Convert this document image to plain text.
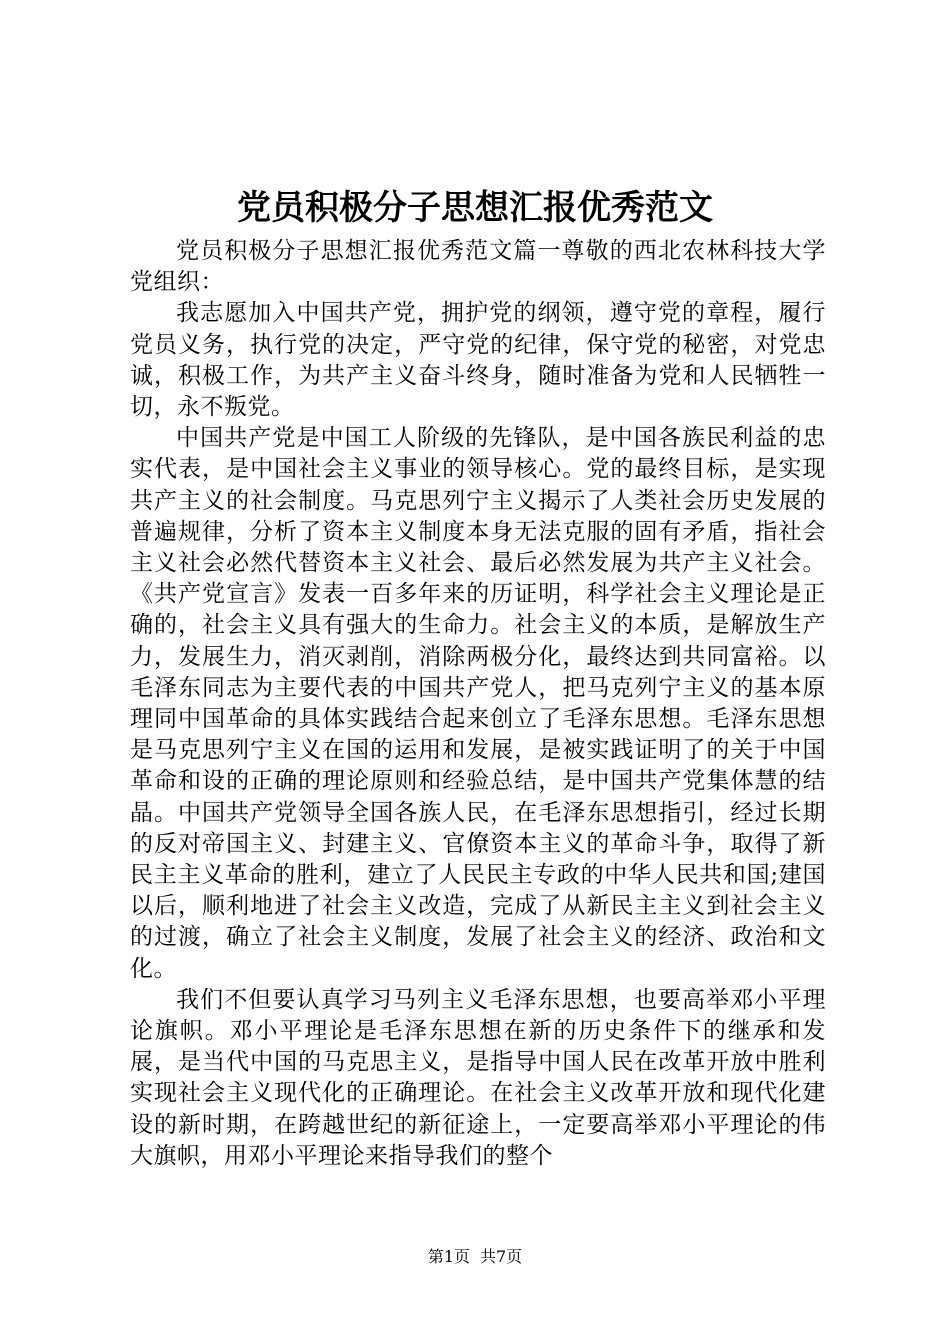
党员积极分子思想汇报优秀范文

党员积极分子思想汇报优秀范文篇一尊敬的西北农林科技大学党组织：

我志愿加入中国共产党，拥护党的纲领，遵守党的章程，履行党员义务，执行党的决定，严守党的纪律，保守党的秘密，对党忠诚，积极工作，为共产主义奋斗终身，随时准备为党和人民牺牲一切，永不叛党。

中国共产党是中国工人阶级的先锋队，是中国各族民利益的忠实代表，是中国社会主义事业的领导核心。党的最终目标，是实现共产主义的社会制度。马克思列宁主义揭示了人类社会历史发展的普遍规律，分析了资本主义制度本身无法克服的固有矛盾，指社会主义社会必然代替资本主义社会、最后必然发展为共产主义社会。《共产党宣言》发表一百多年来的历证明，科学社会主义理论是正确的，社会主义具有强大的生命力。社会主义的本质，是解放生产力，发展生力，消灭剥削，消除两极分化，最终达到共同富裕。以毛泽东同志为主要代表的中国共产党人，把马克列宁主义的基本原理同中国革命的具体实践结合起来创立了毛泽东思想。毛泽东思想是马克思列宁主义在国的运用和发展，是被实践证明了的关于中国革命和设的正确的理论原则和经验总结，是中国共产党集体慧的结晶。中国共产党领导全国各族人民，在毛泽东思想指引，经过长期的反对帝国主义、封建主义、官僚资本主义的革命斗争，取得了新民主主义革命的胜利，建立了人民民主专政的中华人民共和国;建国以后，顺利地进了社会主义改造，完成了从新民主主义到社会主义的过渡，确立了社会主义制度，发展了社会主义的经济、政治和文化。

我们不但要认真学习马列主义毛泽东思想，也要高举邓小平理论旗帜。邓小平理论是毛泽东思想在新的历史条件下的继承和发展，是当代中国的马克思主义，是指导中国人民在改革开放中胜利实现社会主义现代化的正确理论。在社会主义改革开放和现代化建设的新时期，在跨越世纪的新征途上，一定要高举邓小平理论的伟大旗帜，用邓小平理论来指导我们的整个

第1页 共7页
